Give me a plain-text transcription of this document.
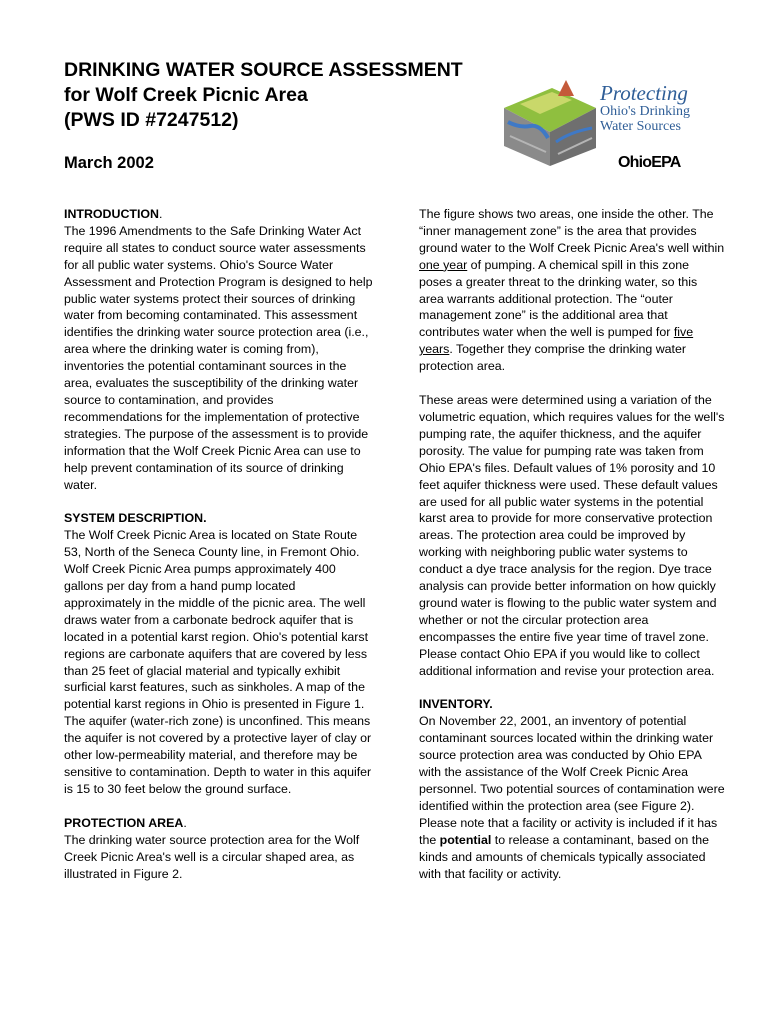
DRINKING WATER SOURCE ASSESSMENT
for Wolf Creek Picnic Area
(PWS ID #7247512)
March 2002
Protecting
Ohio's Drinking
Water Sources
OhioEPA

INTRODUCTION.
The 1996 Amendments to the Safe Drinking Water Act require all states to conduct source water assessments for all public water systems. Ohio's Source Water Assessment and Protection Program is designed to help public water systems protect their sources of drinking water from becoming contaminated. This assessment identifies the drinking water source protection area (i.e., area where the drinking water is coming from), inventories the potential contaminant sources in the area, evaluates the susceptibility of the drinking water source to contamination, and provides recommendations for the implementation of protective strategies. The purpose of the assessment is to provide information that the Wolf Creek Picnic Area can use to help prevent contamination of its source of drinking water.

SYSTEM DESCRIPTION.
The Wolf Creek Picnic Area is located on State Route 53, North of the Seneca County line, in Fremont Ohio. Wolf Creek Picnic Area pumps approximately 400 gallons per day from a hand pump located approximately in the middle of the picnic area. The well draws water from a carbonate bedrock aquifer that is located in a potential karst region. Ohio's potential karst regions are carbonate aquifers that are covered by less than 25 feet of glacial material and typically exhibit surficial karst features, such as sinkholes. A map of the potential karst regions in Ohio is presented in Figure 1. The aquifer (water-rich zone) is unconfined. This means the aquifer is not covered by a protective layer of clay or other low-permeability material, and therefore may be sensitive to contamination. Depth to water in this aquifer is 15 to 30 feet below the ground surface.

PROTECTION AREA.
The drinking water source protection area for the Wolf Creek Picnic Area's well is a circular shaped area, as illustrated in Figure 2.

The figure shows two areas, one inside the other. The “inner management zone” is the area that provides ground water to the Wolf Creek Picnic Area's well within one year of pumping. A chemical spill in this zone poses a greater threat to the drinking water, so this area warrants additional protection. The “outer management zone” is the additional area that contributes water when the well is pumped for five years. Together they comprise the drinking water protection area.

These areas were determined using a variation of the volumetric equation, which requires values for the well's pumping rate, the aquifer thickness, and the aquifer porosity. The value for pumping rate was taken from Ohio EPA's files. Default values of 1% porosity and 10 feet aquifer thickness were used. These default values are used for all public water systems in the potential karst area to provide for more conservative protection areas. The protection area could be improved by working with neighboring public water systems to conduct a dye trace analysis for the region. Dye trace analysis can provide better information on how quickly ground water is flowing to the public water system and whether or not the circular protection area encompasses the entire five year time of travel zone. Please contact Ohio EPA if you would like to collect additional information and revise your protection area.

INVENTORY.
On November 22, 2001, an inventory of potential contaminant sources located within the drinking water source protection area was conducted by Ohio EPA with the assistance of the Wolf Creek Picnic Area personnel. Two potential sources of contamination were identified within the protection area (see Figure 2). Please note that a facility or activity is included if it has the potential to release a contaminant, based on the kinds and amounts of chemicals typically associated with that facility or activity.
